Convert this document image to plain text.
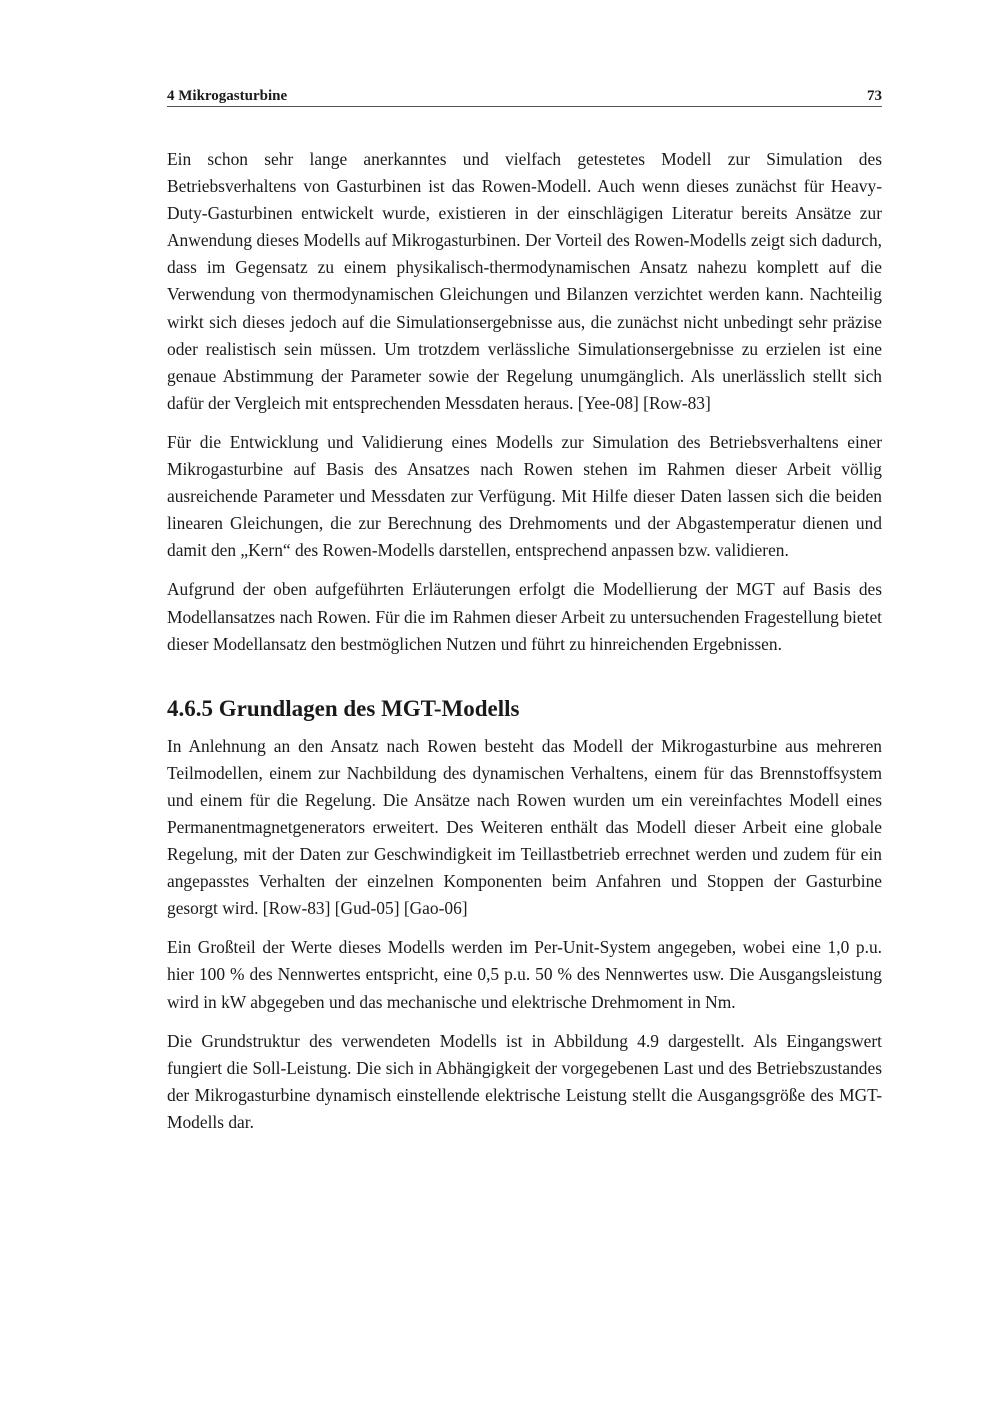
4 Mikrogasturbine	73

Ein schon sehr lange anerkanntes und vielfach getestetes Modell zur Simulation des Betriebsverhaltens von Gasturbinen ist das Rowen-Modell. Auch wenn dieses zunächst für Heavy-Duty-Gasturbinen entwickelt wurde, existieren in der einschlägigen Literatur bereits Ansätze zur Anwendung dieses Modells auf Mikrogasturbinen. Der Vorteil des Rowen-Modells zeigt sich dadurch, dass im Gegensatz zu einem physikalisch-thermodynamischen Ansatz nahezu komplett auf die Verwendung von thermodynamischen Gleichungen und Bilanzen verzichtet werden kann. Nachteilig wirkt sich dieses jedoch auf die Simulationsergebnisse aus, die zunächst nicht unbedingt sehr präzise oder realistisch sein müssen. Um trotzdem verlässliche Simulationsergebnisse zu erzielen ist eine genaue Abstimmung der Parameter sowie der Regelung unumgänglich. Als unerlässlich stellt sich dafür der Vergleich mit entsprechenden Messdaten heraus. [Yee-08] [Row-83]

Für die Entwicklung und Validierung eines Modells zur Simulation des Betriebsverhaltens einer Mikrogasturbine auf Basis des Ansatzes nach Rowen stehen im Rahmen dieser Arbeit völlig ausreichende Parameter und Messdaten zur Verfügung. Mit Hilfe dieser Daten lassen sich die beiden linearen Gleichungen, die zur Berechnung des Drehmoments und der Abgastemperatur dienen und damit den „Kern“ des Rowen-Modells darstellen, entsprechend anpassen bzw. validieren.

Aufgrund der oben aufgeführten Erläuterungen erfolgt die Modellierung der MGT auf Basis des Modellansatzes nach Rowen. Für die im Rahmen dieser Arbeit zu untersuchenden Fragestellung bietet dieser Modellansatz den bestmöglichen Nutzen und führt zu hinreichenden Ergebnissen.

4.6.5 Grundlagen des MGT-Modells

In Anlehnung an den Ansatz nach Rowen besteht das Modell der Mikrogasturbine aus mehreren Teilmodellen, einem zur Nachbildung des dynamischen Verhaltens, einem für das Brennstoffsystem und einem für die Regelung. Die Ansätze nach Rowen wurden um ein vereinfachtes Modell eines Permanentmagnetgenerators erweitert. Des Weiteren enthält das Modell dieser Arbeit eine globale Regelung, mit der Daten zur Geschwindigkeit im Teillastbetrieb errechnet werden und zudem für ein angepasstes Verhalten der einzelnen Komponenten beim Anfahren und Stoppen der Gasturbine gesorgt wird. [Row-83] [Gud-05] [Gao-06]

Ein Großteil der Werte dieses Modells werden im Per-Unit-System angegeben, wobei eine 1,0 p.u. hier 100 % des Nennwertes entspricht, eine 0,5 p.u. 50 % des Nennwertes usw. Die Ausgangsleistung wird in kW abgegeben und das mechanische und elektrische Drehmoment in Nm.

Die Grundstruktur des verwendeten Modells ist in Abbildung 4.9 dargestellt. Als Eingangswert fungiert die Soll-Leistung. Die sich in Abhängigkeit der vorgegebenen Last und des Betriebszustandes der Mikrogasturbine dynamisch einstellende elektrische Leistung stellt die Ausgangsgröße des MGT-Modells dar.
